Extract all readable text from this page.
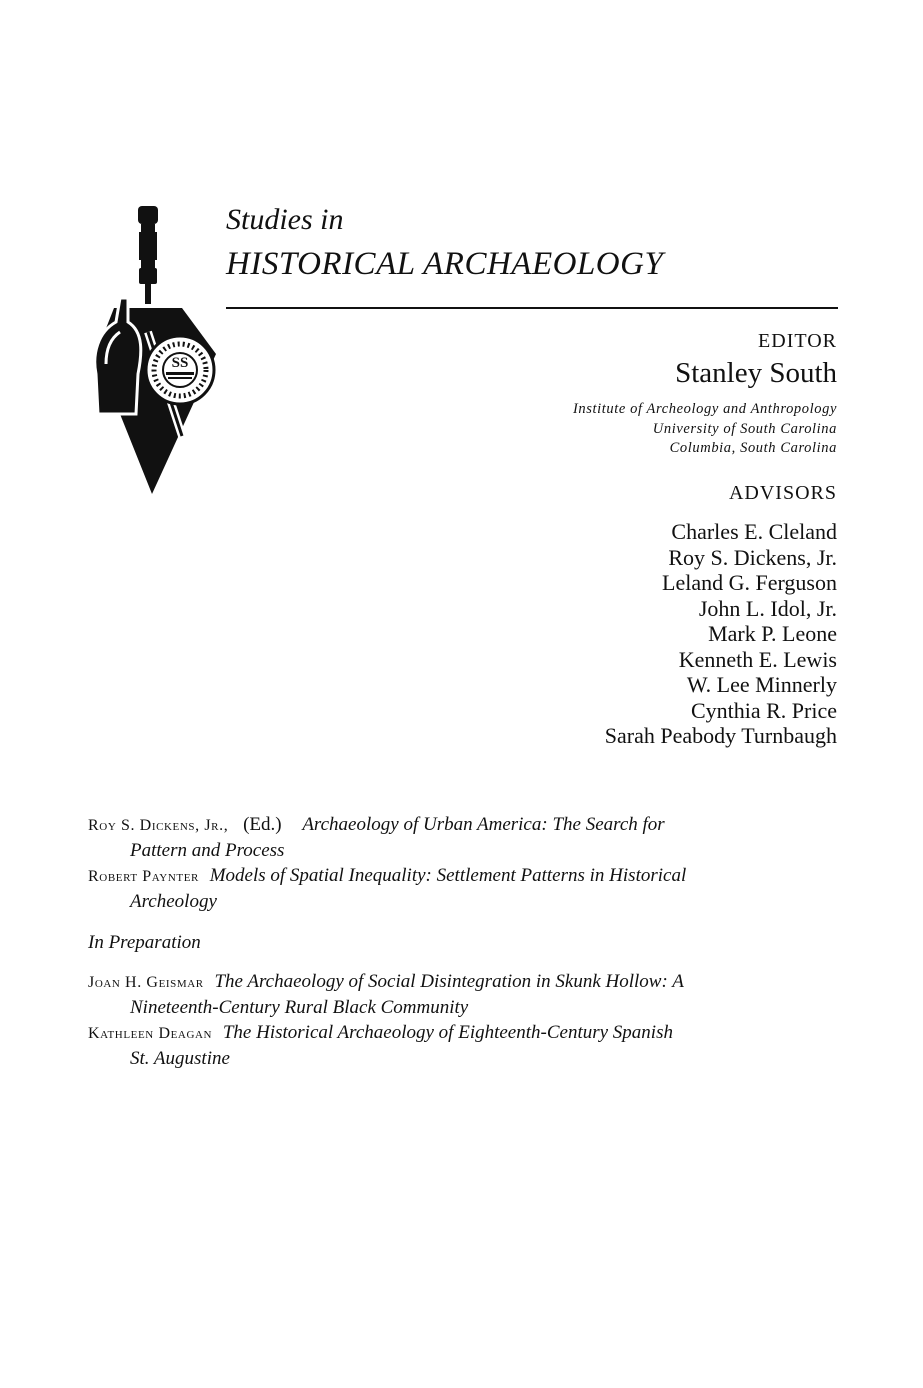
SS
Studies in
HISTORICAL ARCHAEOLOGY
EDITOR
Stanley South
Institute of Archeology and Anthropology
University of South Carolina
Columbia, South Carolina
ADVISORS
Charles E. Cleland
Roy S. Dickens, Jr.
Leland G. Ferguson
John L. Idol, Jr.
Mark P. Leone
Kenneth E. Lewis
W. Lee Minnerly
Cynthia R. Price
Sarah Peabody Turnbaugh
Roy S. Dickens, Jr., (Ed.) Archaeology of Urban America: The Search for
Pattern and Process
Robert Paynter Models of Spatial Inequality: Settlement Patterns in Historical
Archeology
In Preparation
Joan H. Geismar The Archaeology of Social Disintegration in Skunk Hollow: A
Nineteenth-Century Rural Black Community
Kathleen Deagan The Historical Archaeology of Eighteenth-Century Spanish
St. Augustine
